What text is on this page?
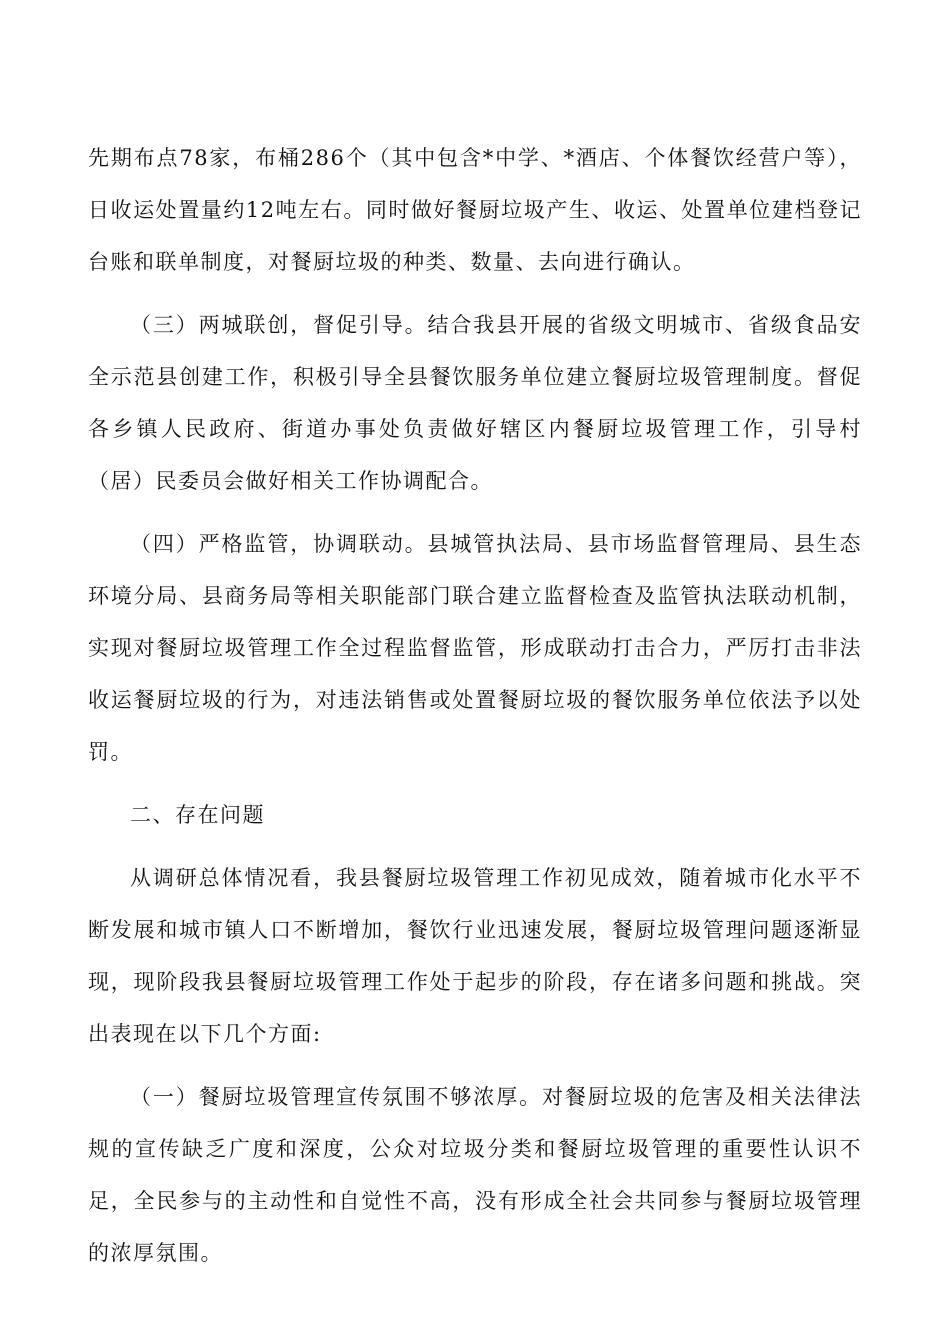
先期布点78家，布桶286个（其中包含*中学、*酒店、个体餐饮经营户等），日收运处置量约12吨左右。同时做好餐厨垃圾产生、收运、处置单位建档登记台账和联单制度，对餐厨垃圾的种类、数量、去向进行确认。

（三）两城联创，督促引导。结合我县开展的省级文明城市、省级食品安全示范县创建工作，积极引导全县餐饮服务单位建立餐厨垃圾管理制度。督促各乡镇人民政府、街道办事处负责做好辖区内餐厨垃圾管理工作，引导村（居）民委员会做好相关工作协调配合。

（四）严格监管，协调联动。县城管执法局、县市场监督管理局、县生态环境分局、县商务局等相关职能部门联合建立监督检查及监管执法联动机制，实现对餐厨垃圾管理工作全过程监督监管，形成联动打击合力，严厉打击非法收运餐厨垃圾的行为，对违法销售或处置餐厨垃圾的餐饮服务单位依法予以处罚。

二、存在问题

从调研总体情况看，我县餐厨垃圾管理工作初见成效，随着城市化水平不断发展和城市镇人口不断增加，餐饮行业迅速发展，餐厨垃圾管理问题逐渐显现，现阶段我县餐厨垃圾管理工作处于起步的阶段，存在诸多问题和挑战。突出表现在以下几个方面:

（一）餐厨垃圾管理宣传氛围不够浓厚。对餐厨垃圾的危害及相关法律法规的宣传缺乏广度和深度，公众对垃圾分类和餐厨垃圾管理的重要性认识不足，全民参与的主动性和自觉性不高，没有形成全社会共同参与餐厨垃圾管理的浓厚氛围。
